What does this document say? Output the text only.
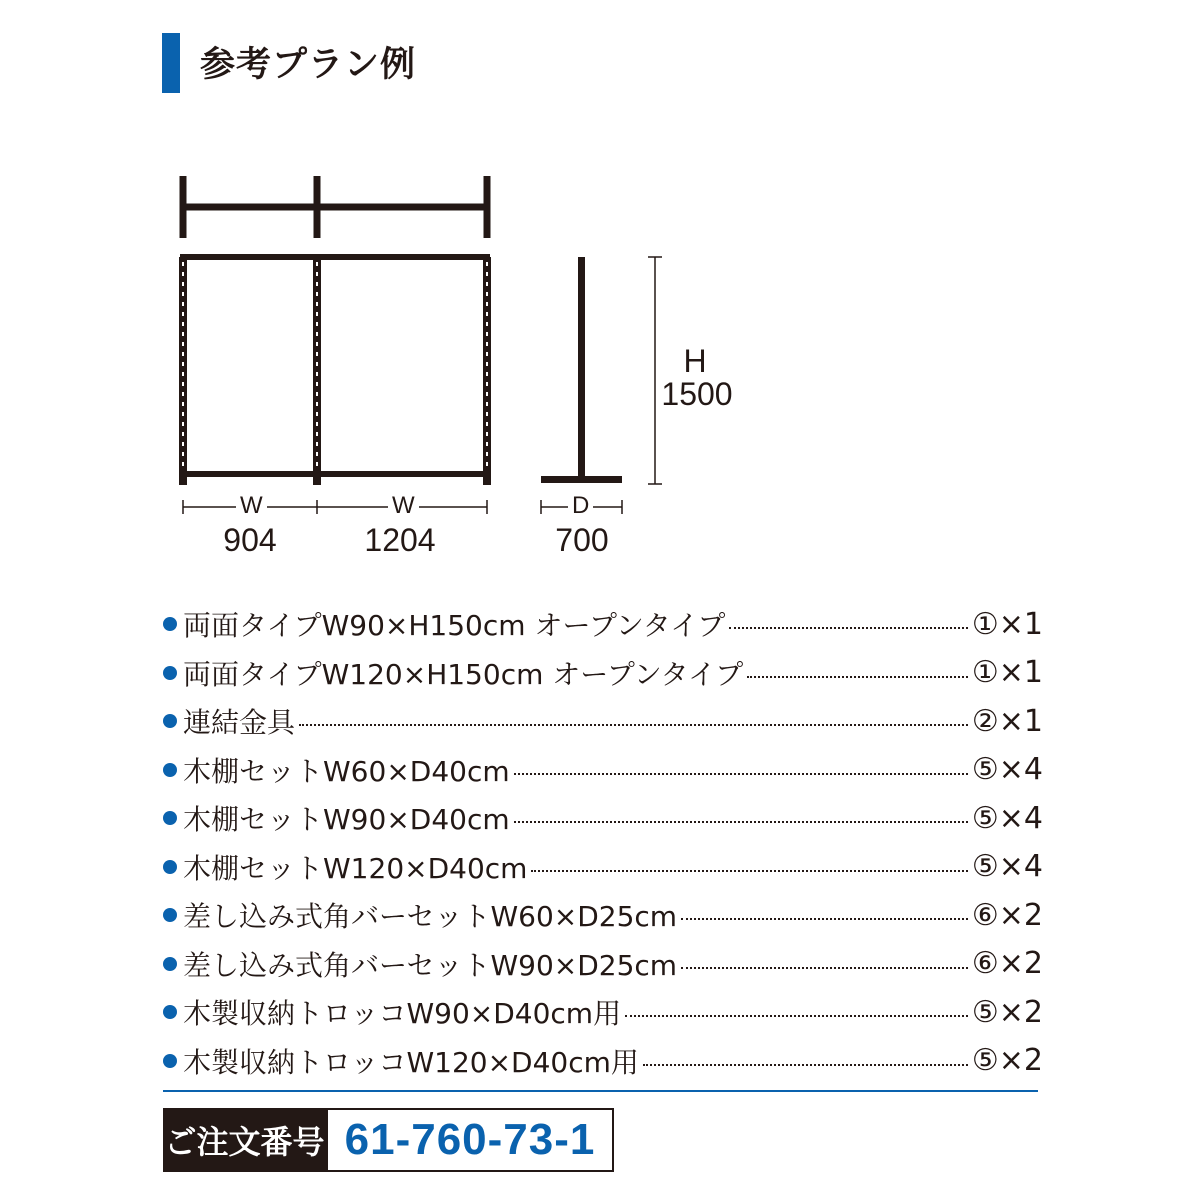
参考プラン例
W	W
904	1204
D
700
H
1500
両面タイプW90×H150cm オープンタイプ	① ×1
両面タイプW120×H150cm オープンタイプ	① ×1
連結金具	② ×1
木棚セットW60×D40cm	⑤ ×4
木棚セットW90×D40cm	⑤ ×4
木棚セットW120×D40cm	⑤ ×4
差し込み式角バーセットW60×D25cm	⑥ ×2
差し込み式角バーセットW90×D25cm	⑥ ×2
木製収納トロッコW90×D40cm用	⑤ ×2
木製収納トロッコW120×D40cm用	⑤ ×2
ご注文番号 61-760-73-1
